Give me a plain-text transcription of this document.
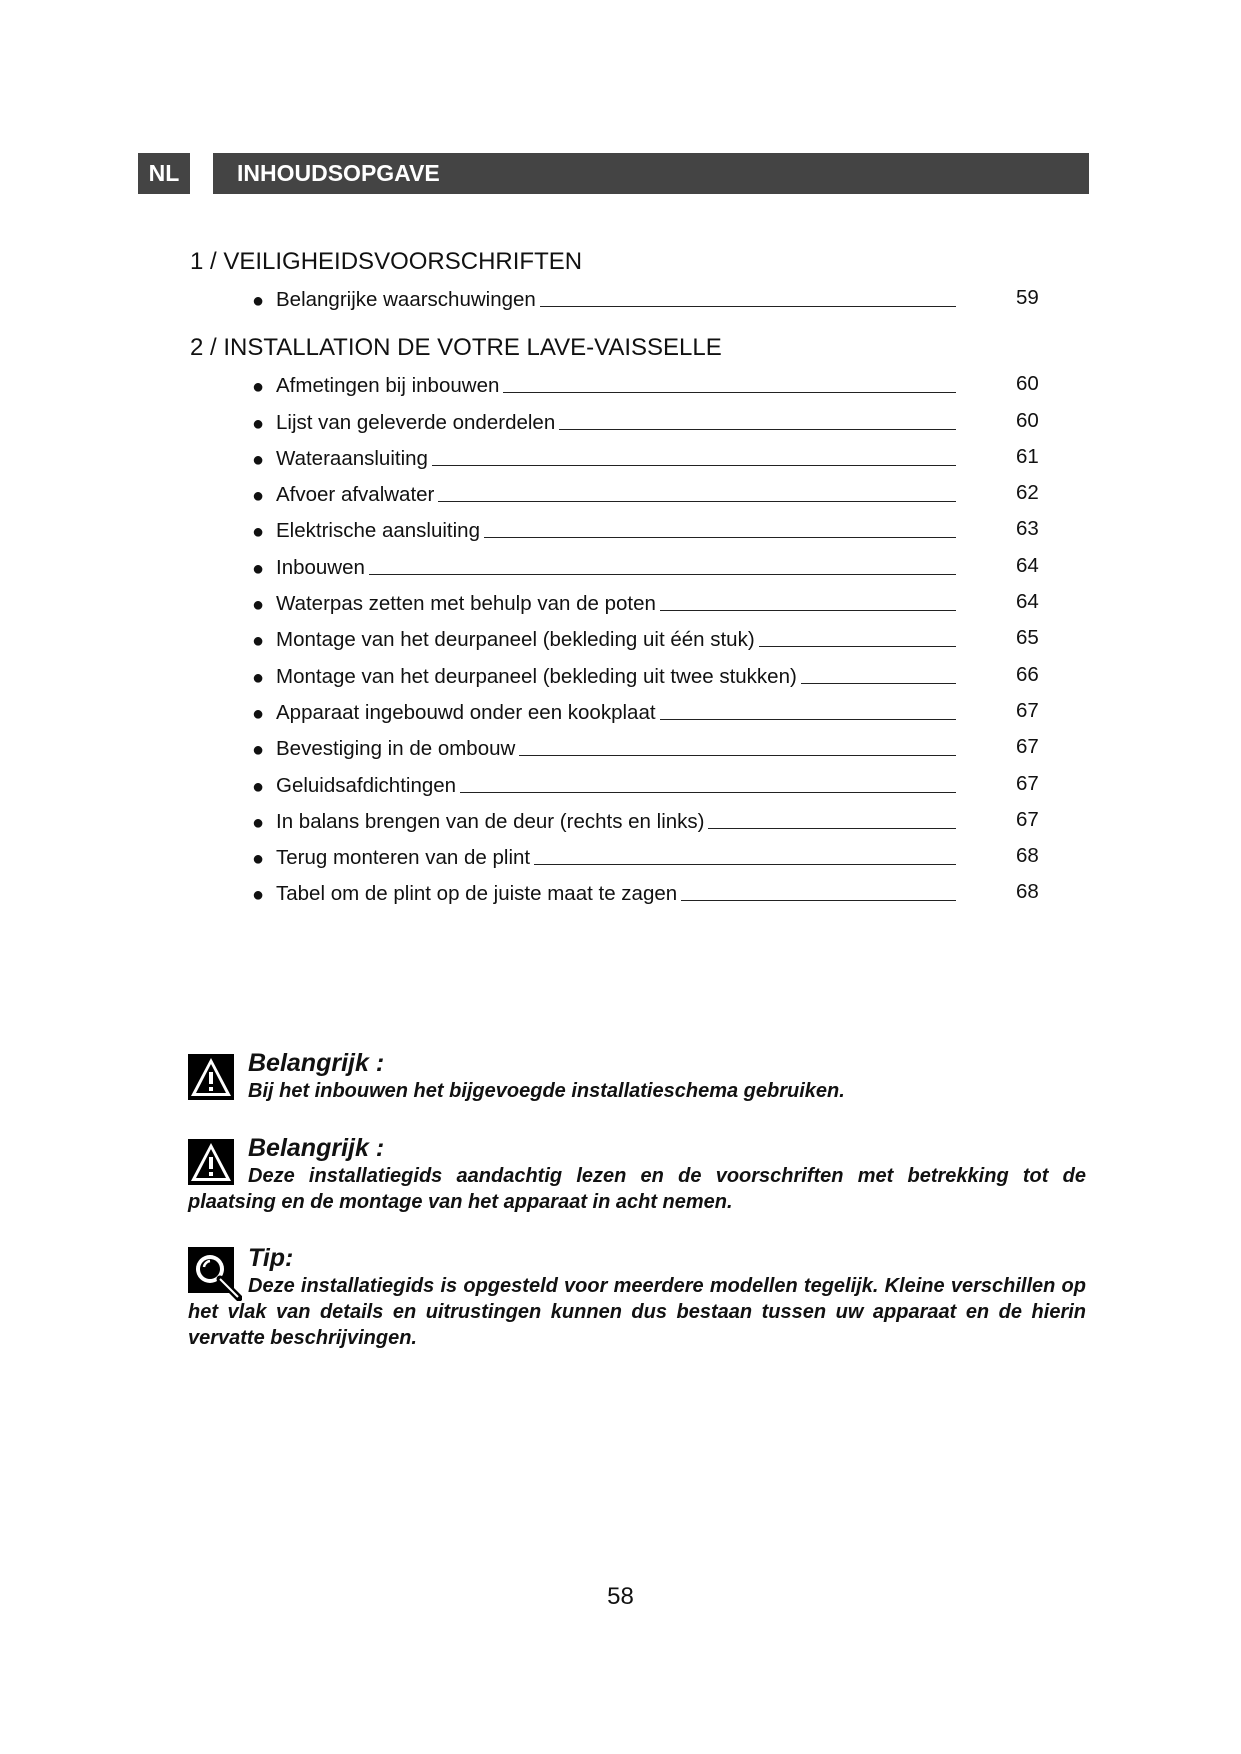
NL	INHOUDSOPGAVE
1 / VEILIGHEIDSVOORSCHRIFTEN
● Belangrijke waarschuwingen	59
2 / INSTALLATION DE VOTRE LAVE-VAISSELLE
● Afmetingen bij inbouwen	60
● Lijst van geleverde onderdelen	60
● Wateraansluiting	61
● Afvoer afvalwater	62
● Elektrische aansluiting	63
● Inbouwen	64
● Waterpas zetten met behulp van de poten	64
● Montage van het deurpaneel (bekleding uit één stuk)	65
● Montage van het deurpaneel (bekleding uit twee stukken)	66
● Apparaat ingebouwd onder een kookplaat	67
● Bevestiging in de ombouw	67
● Geluidsafdichtingen	67
● In balans brengen van de deur (rechts en links)	67
● Terug monteren van de plint	68
● Tabel om de plint op de juiste maat te zagen	68
Belangrijk :
Bij het inbouwen het bijgevoegde installatieschema gebruiken.
Belangrijk :
Deze installatiegids aandachtig lezen en de voorschriften met betrekking tot de plaatsing en de montage van het apparaat in acht nemen.
Tip:
Deze installatiegids is opgesteld voor meerdere modellen tegelijk. Kleine verschillen op het vlak van details en uitrustingen kunnen dus bestaan tussen uw apparaat en de hierin vervatte beschrijvingen.
58
